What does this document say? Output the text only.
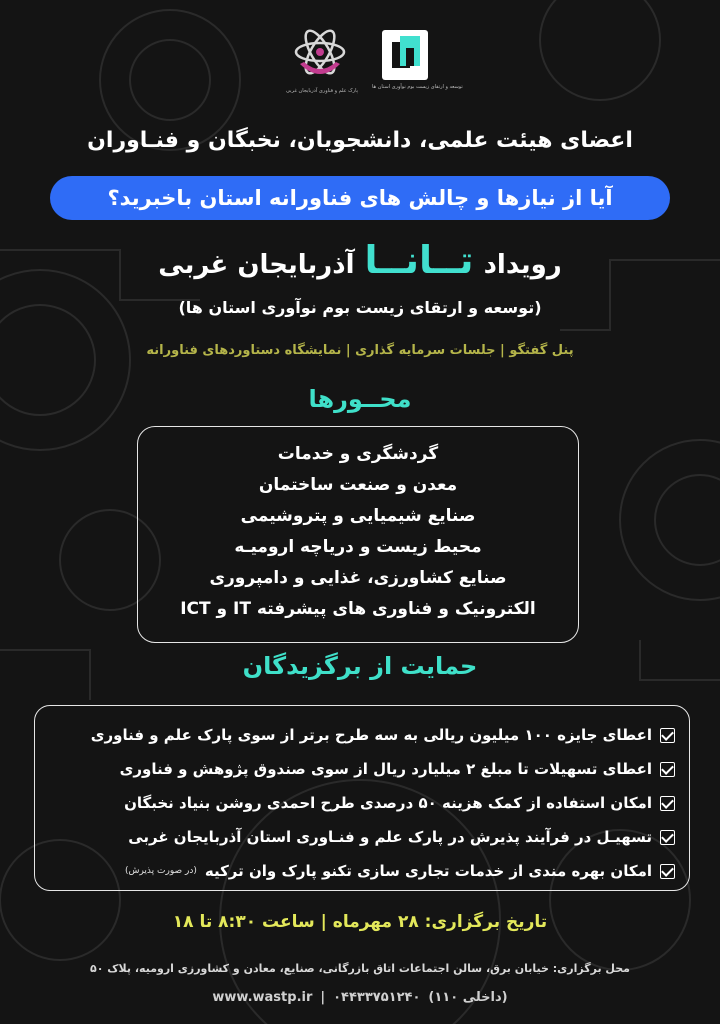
پارک علم و فناوری آذربایجان غربی
توسعه و ارتقای زیست بوم نوآوری استان ها
اعضای هیئت علمی، دانشجویان، نخبگان و فنـاوران
آیا از نیازها و چالش های فناورانه استان باخبرید؟
رویداد
تــانــا
آذربایجان غربی
(توسعه و ارتقای زیست بوم نوآوری استان ها)
پنل گفتگو | جلسات سرمایه گذاری | نمایشگاه دستاوردهای فناورانه
محــورها
گردشگری و خدمات
معدن و صنعت ساختمان
صنایع شیمیایی و پتروشیمی
محیط زیست و دریاچه ارومیـه
صنایع کشاورزی، غذایی و دامپروری
الکترونیک و فناوری های پیشرفته IT و ICT
حمایت از برگزیدگان
اعطای جایزه ۱۰۰ میلیون ریالی به سه طرح برتر از سوی پارک علم و فناوری
اعطای تسهیلات تا مبلغ ۲ میلیارد ریال از سوی صندوق پژوهش و فناوری
امکان استفاده از کمک هزینه ۵۰ درصدی طرح احمدی روشن بنیاد نخبگان
تسهیـل در فرآیند پذیرش در پارک علم و فنـاوری استان آذربایجان غربی
امکان بهره مندی از خدمات تجاری سازی تکنو پارک وان ترکیه
(در صورت پذیرش)
تاریخ برگزاری: ۲۸ مهرماه | ساعت ۸:۳۰ تا ۱۸
محل برگزاری: خیابان برق، سالن اجتماعات اتاق بازرگانی، صنایع، معادن و کشاورزی ارومیه، پلاک ۵۰
www.wastp.ir | ۰۴۴۳۳۷۵۱۲۴۰ (داخلی ۱۱۰)
